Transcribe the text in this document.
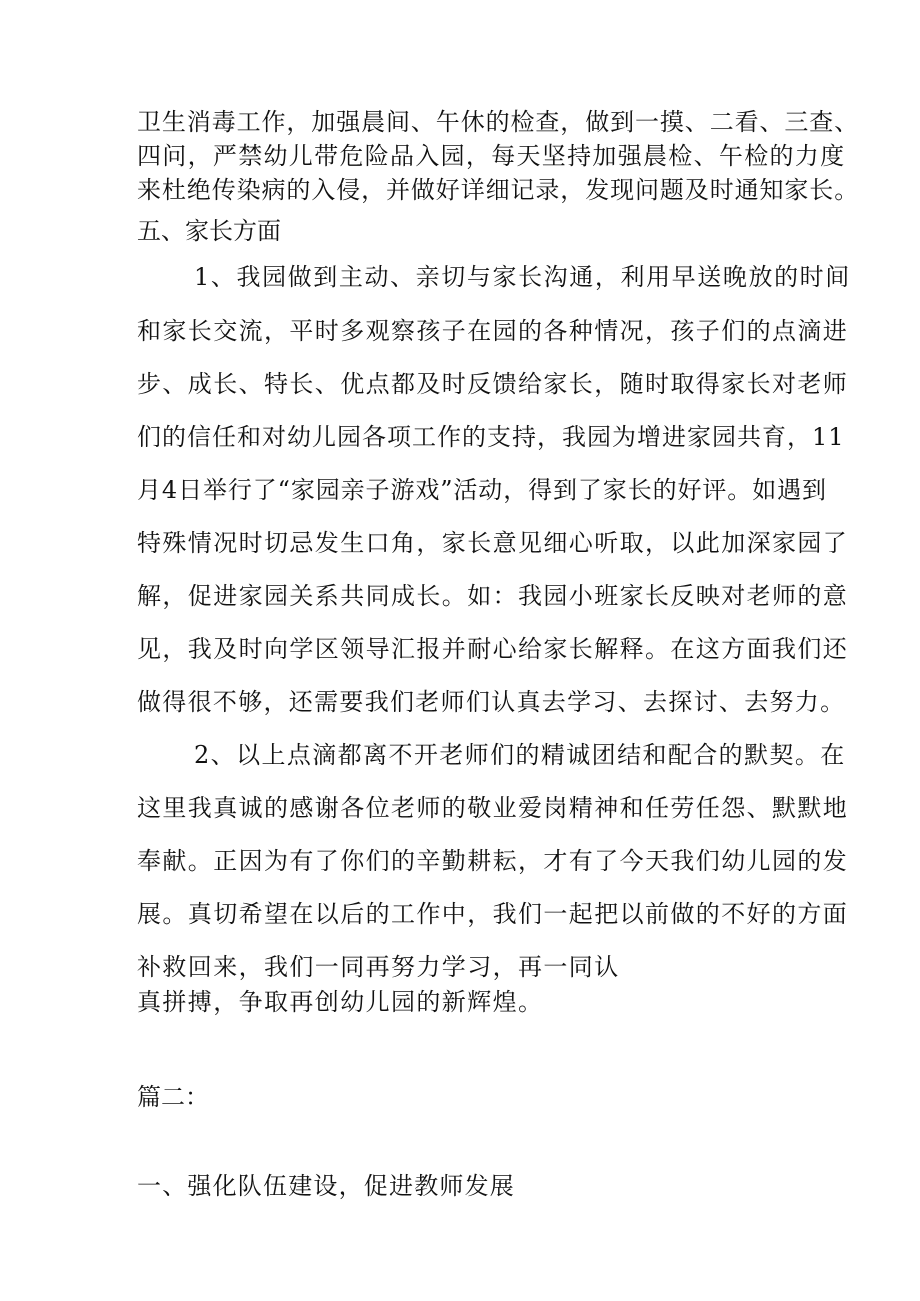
卫生消毒工作，加强晨间、午休的检查，做到一摸、二看、三查、
四问，严禁幼儿带危险品入园，每天坚持加强晨检、午检的力度
来杜绝传染病的入侵，并做好详细记录，发现问题及时通知家长。
五、家长方面
1、我园做到主动、亲切与家长沟通，利用早送晚放的时间
和家长交流，平时多观察孩子在园的各种情况，孩子们的点滴进
步、成长、特长、优点都及时反馈给家长，随时取得家长对老师
们的信任和对幼儿园各项工作的支持，我园为增进家园共育，11
月4日举行了“家园亲子游戏”活动，得到了家长的好评。如遇到
特殊情况时切忌发生口角，家长意见细心听取，以此加深家园了
解，促进家园关系共同成长。如：我园小班家长反映对老师的意
见，我及时向学区领导汇报并耐心给家长解释。在这方面我们还
做得很不够，还需要我们老师们认真去学习、去探讨、去努力。
2、以上点滴都离不开老师们的精诚团结和配合的默契。在
这里我真诚的感谢各位老师的敬业爱岗精神和任劳任怨、默默地
奉献。正因为有了你们的辛勤耕耘，才有了今天我们幼儿园的发
展。真切希望在以后的工作中，我们一起把以前做的不好的方面
补救回来，我们一同再努力学习，再一同认
真拼搏，争取再创幼儿园的新辉煌。
篇二：
一、强化队伍建设，促进教师发展
